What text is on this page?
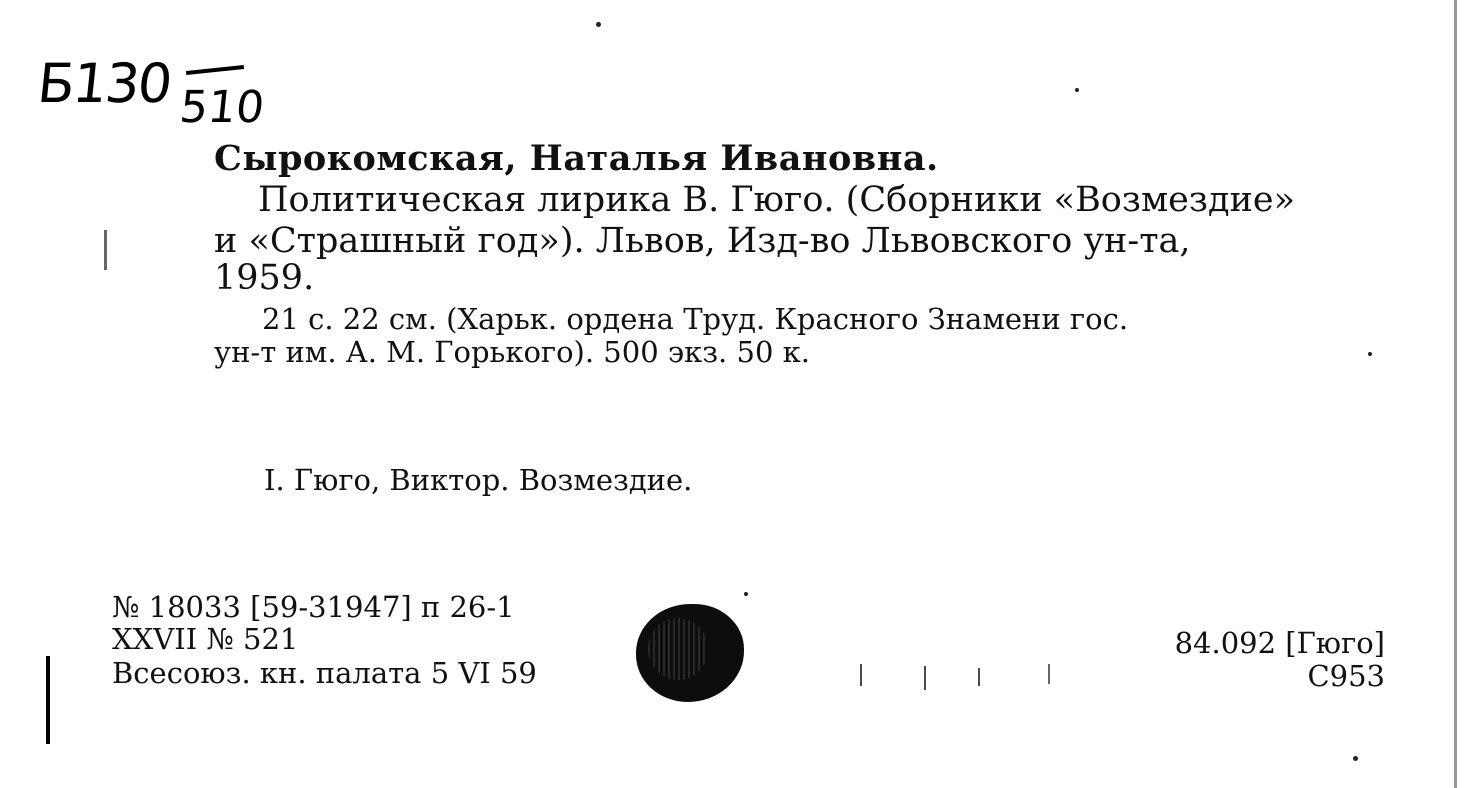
Б130 510
Сырокомская, Наталья Ивановна.
Политическая лирика В. Гюго. (Сборники «Возмездие»
и «Страшный год»). Львов, Изд-во Львовского ун-та,
1959.
21 с. 22 см. (Харьк. ордена Труд. Красного Знамени гос.
ун-т им. А. М. Горького). 500 экз. 50 к.
I. Гюго, Виктор. Возмездие.
№ 18033 [59-31947] п 26-1
XXVII № 521
Всесоюз. кн. палата 5 VI 59
84.092 [Гюго]
С953
